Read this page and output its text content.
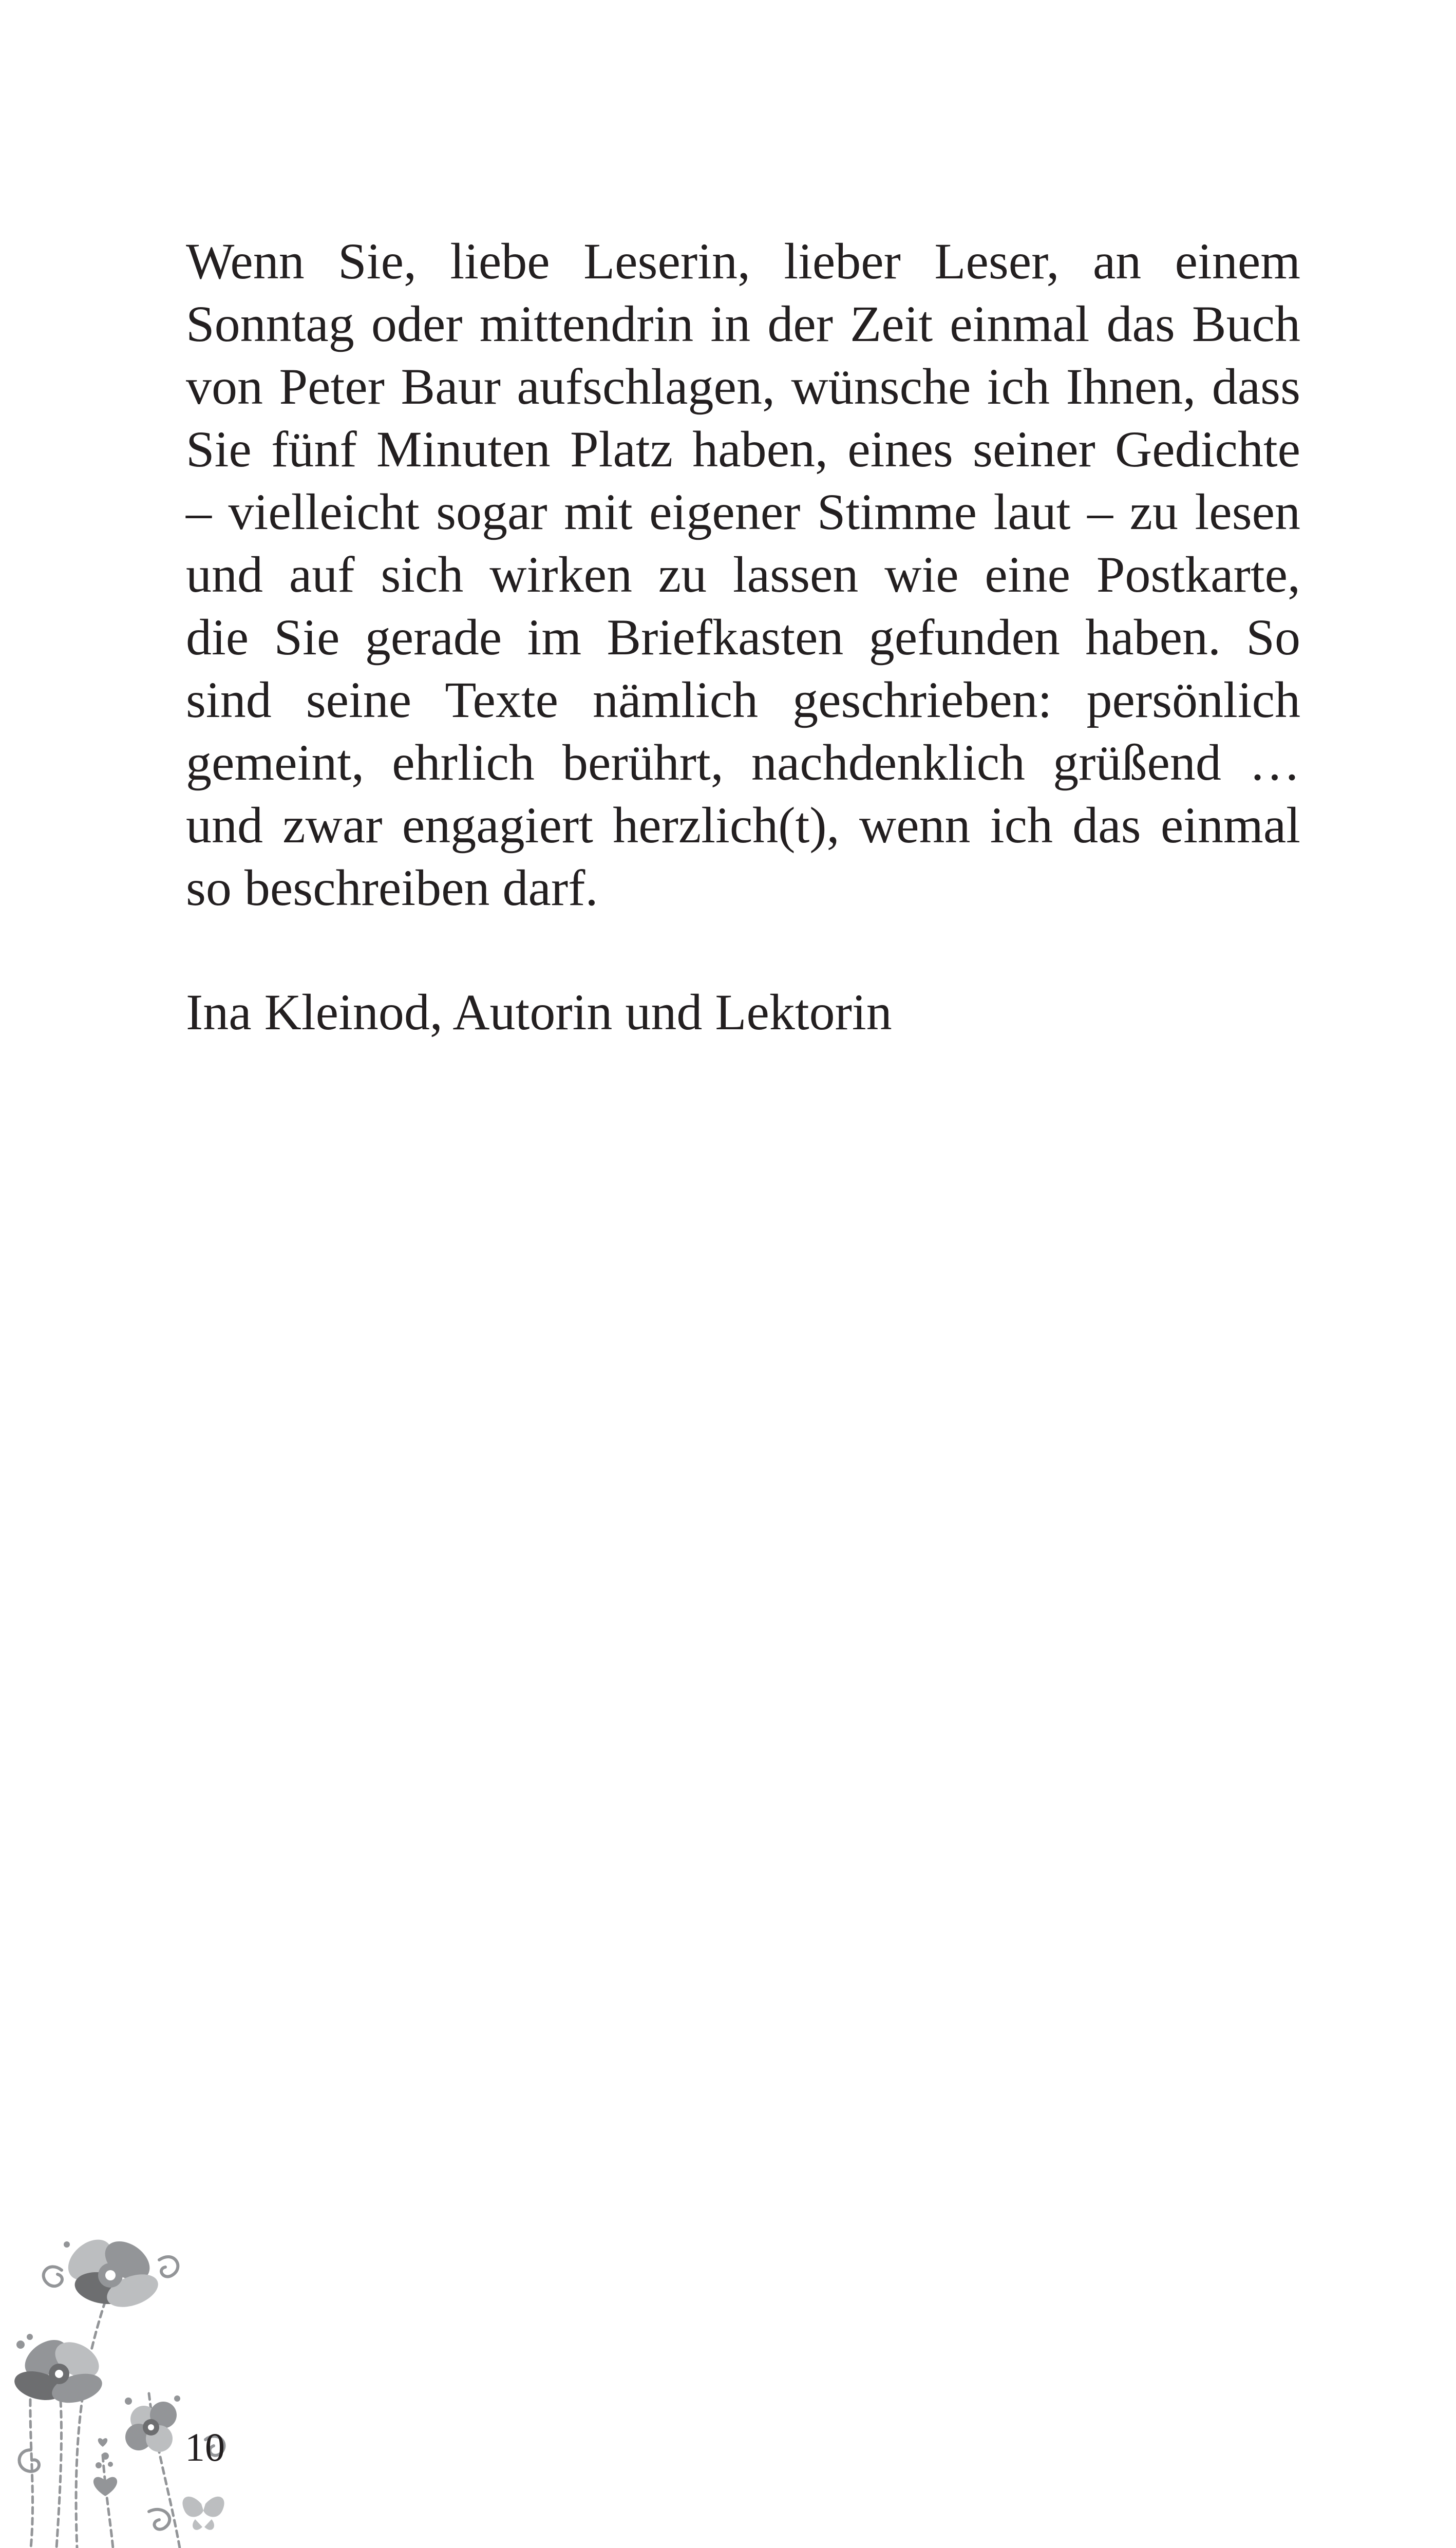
Wenn Sie, liebe Leserin, lieber Leser, an einem
Sonntag oder mittendrin in der Zeit einmal das Buch
von Peter Baur aufschlagen, wünsche ich Ihnen, dass
Sie fünf Minuten Platz haben, eines seiner Gedichte
– vielleicht sogar mit eigener Stimme laut – zu lesen
und auf sich wirken zu lassen wie eine Postkarte,
die Sie gerade im Briefkasten gefunden haben. So
sind seine Texte nämlich geschrieben: persönlich
gemeint, ehrlich berührt, nachdenklich grüßend …
und zwar engagiert herzlich(t), wenn ich das einmal
so beschreiben darf.

Ina Kleinod, Autorin und Lektorin

10
